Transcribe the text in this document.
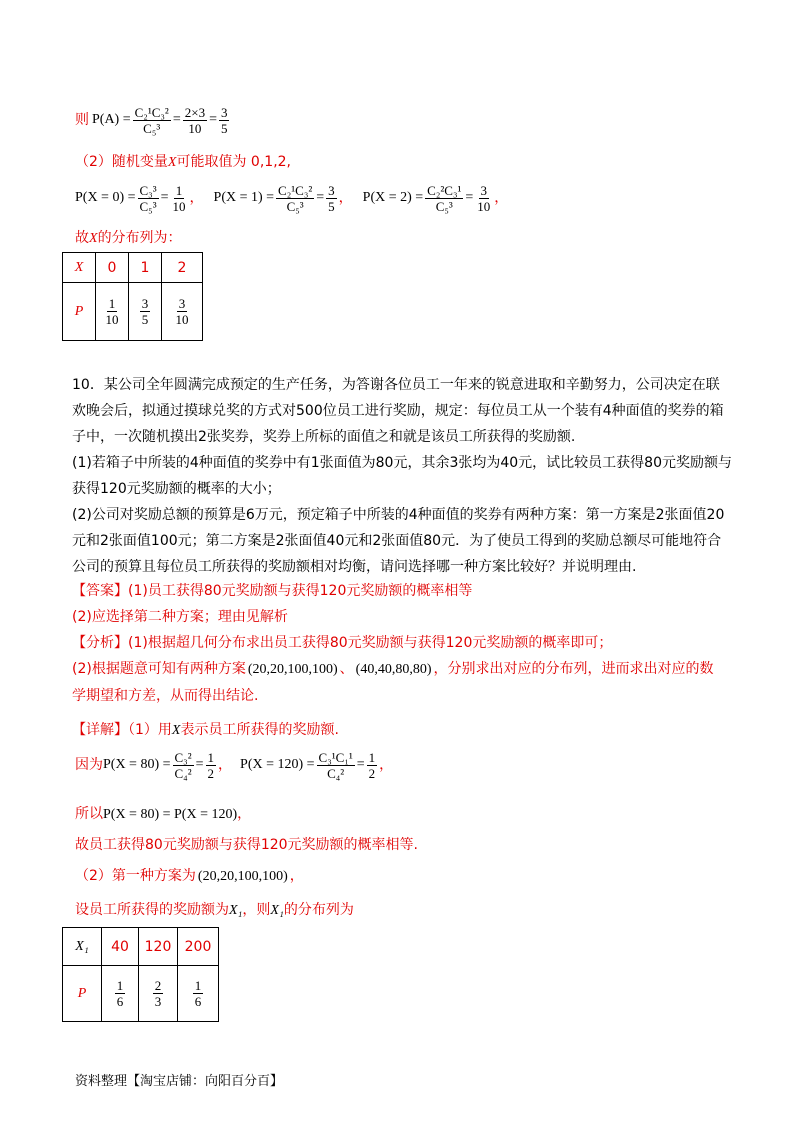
则 $P(A) = \frac{\text{C₂¹C₃²}}{\text{C₅³}} = \frac{2\times 3}{10} = \frac{3}{5}$
（2）随机变量X可能取值为 0,1,2,
$P(X = 0) = \frac{\text{C₃³}}{\text{C₅³}} = \frac{1}{10}$ ， $P(X = 1) = \frac{\text{C₂¹C₃²}}{\text{C₅³}} = \frac{3}{5}$ ， $P(X = 2) = \frac{\text{C₂²C₃¹}}{\text{C₅³}} = \frac{3}{10}$ ，
故X的分布列为：
X	0	1	2
P	$\frac{1}{10}$	$\frac{3}{5}$	$\frac{3}{10}$
10．某公司全年圆满完成预定的生产任务，为答谢各位员工一年来的锐意进取和辛勤努力，公司决定在联欢晚会后，拟通过摸球兑奖的方式对500位员工进行奖励，规定：每位员工从一个装有4种面值的奖券的箱子中，一次随机摸出2张奖券，奖券上所标的面值之和就是该员工所获得的奖励额.
(1)若箱子中所装的4种面值的奖券中有1张面值为80元，其余3张均为40元，试比较员工获得80元奖励额与获得120元奖励额的概率的大小；
(2)公司对奖励总额的预算是6万元，预定箱子中所装的4种面值的奖券有两种方案：第一方案是2张面值20元和2张面值100元；第二方案是2张面值40元和2张面值80元．为了使员工得到的奖励总额尽可能地符合公司的预算且每位员工所获得的奖励额相对均衡，请问选择哪一种方案比较好？并说明理由.
【答案】(1)员工获得80元奖励额与获得120元奖励额的概率相等
(2)应选择第二种方案；理由见解析
【分析】(1)根据超几何分布求出员工获得80元奖励额与获得120元奖励额的概率即可；
(2)根据题意可知有两种方案 (20,20,100,100) 、 (40,40,80,80) ，分别求出对应的分布列，进而求出对应的数
学期望和方差，从而得出结论.
【详解】（1）用X表示员工所获得的奖励额.
因为 $P(X = 80) = \frac{\text{C₃²}}{\text{C₄²}} = \frac{1}{2}$ ， $P(X = 120) = \frac{\text{C₃¹C₁¹}}{\text{C₄²}} = \frac{1}{2}$ ，
所以P(X = 80) = P(X = 120)，
故员工获得80元奖励额与获得120元奖励额的概率相等.
（2）第一种方案为 (20,20,100,100) ，
设员工所获得的奖励额为X₁，则X₁的分布列为
X₁	40	120	200
P	$\frac{1}{6}$	$\frac{2}{3}$	$\frac{1}{6}$
资料整理【淘宝店铺：向阳百分百】
